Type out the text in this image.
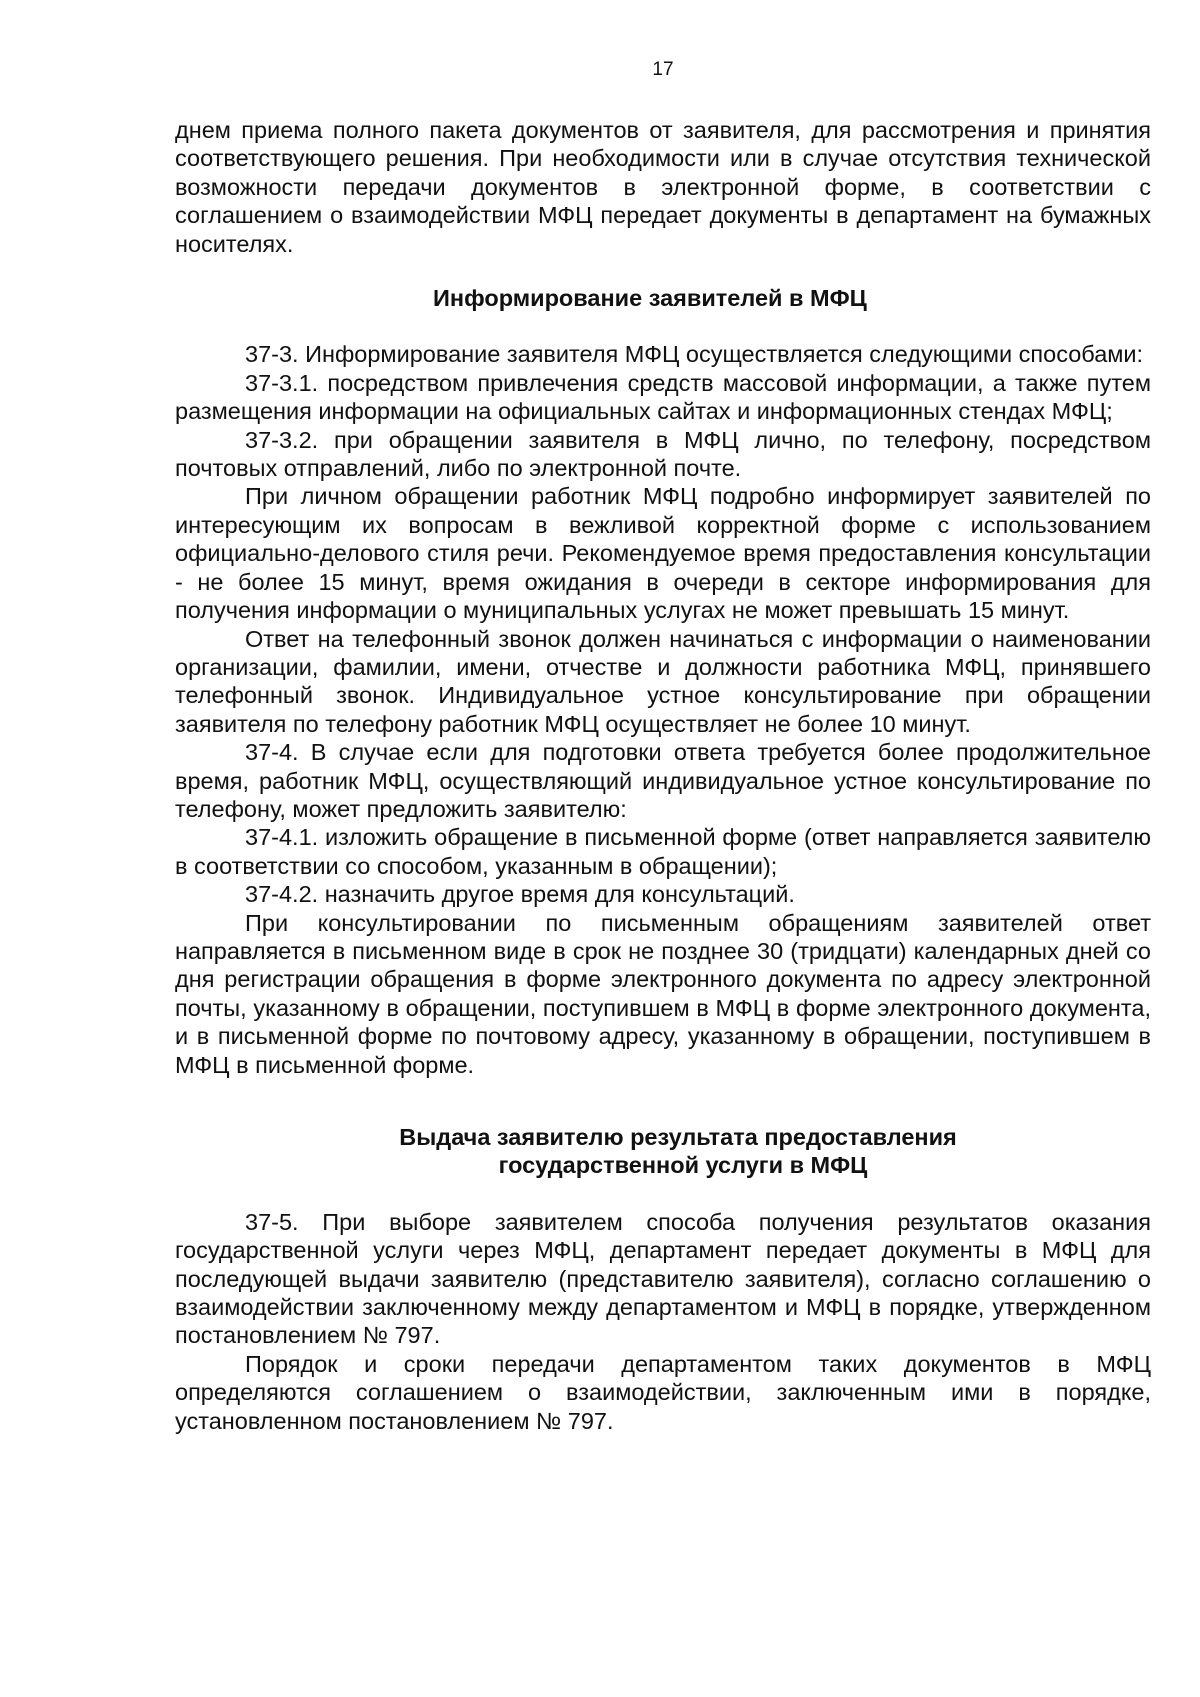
17

днем приема полного пакета документов от заявителя, для рассмотрения и принятия соответствующего решения. При необходимости или в случае отсутствия технической возможности передачи документов в электронной форме, в соответствии с соглашением о взаимодействии МФЦ передает документы в департамент на бумажных носителях.

Информирование заявителей в МФЦ

37-3. Информирование заявителя МФЦ осуществляется следующими способами:

37-3.1. посредством привлечения средств массовой информации, а также путем размещения информации на официальных сайтах и информационных стендах МФЦ;

37-3.2. при обращении заявителя в МФЦ лично, по телефону, посредством почтовых отправлений, либо по электронной почте.

При личном обращении работник МФЦ подробно информирует заявителей по интересующим их вопросам в вежливой корректной форме с использованием официально-делового стиля речи. Рекомендуемое время предоставления консультации - не более 15 минут, время ожидания в очереди в секторе информирования для получения информации о муниципальных услугах не может превышать 15 минут.

Ответ на телефонный звонок должен начинаться с информации о наименовании организации, фамилии, имени, отчестве и должности работника МФЦ, принявшего телефонный звонок. Индивидуальное устное консультирование при обращении заявителя по телефону работник МФЦ осуществляет не более 10 минут.

37-4. В случае если для подготовки ответа требуется более продолжительное время, работник МФЦ, осуществляющий индивидуальное устное консультирование по телефону, может предложить заявителю:

37-4.1. изложить обращение в письменной форме (ответ направляется заявителю в соответствии со способом, указанным в обращении);

37-4.2. назначить другое время для консультаций.

При консультировании по письменным обращениям заявителей ответ направляется в письменном виде в срок не позднее 30 (тридцати) календарных дней со дня регистрации обращения в форме электронного документа по адресу электронной почты, указанному в обращении, поступившем в МФЦ в форме электронного документа, и в письменной форме по почтовому адресу, указанному в обращении, поступившем в МФЦ в письменной форме.

Выдача заявителю результата предоставления
государственной услуги в МФЦ

37-5. При выборе заявителем способа получения результатов оказания государственной услуги через МФЦ, департамент передает документы в МФЦ для последующей выдачи заявителю (представителю заявителя), согласно соглашению о взаимодействии заключенному между департаментом и МФЦ в порядке, утвержденном постановлением № 797.

Порядок и сроки передачи департаментом таких документов в МФЦ определяются соглашением о взаимодействии, заключенным ими в порядке, установленном постановлением № 797.
